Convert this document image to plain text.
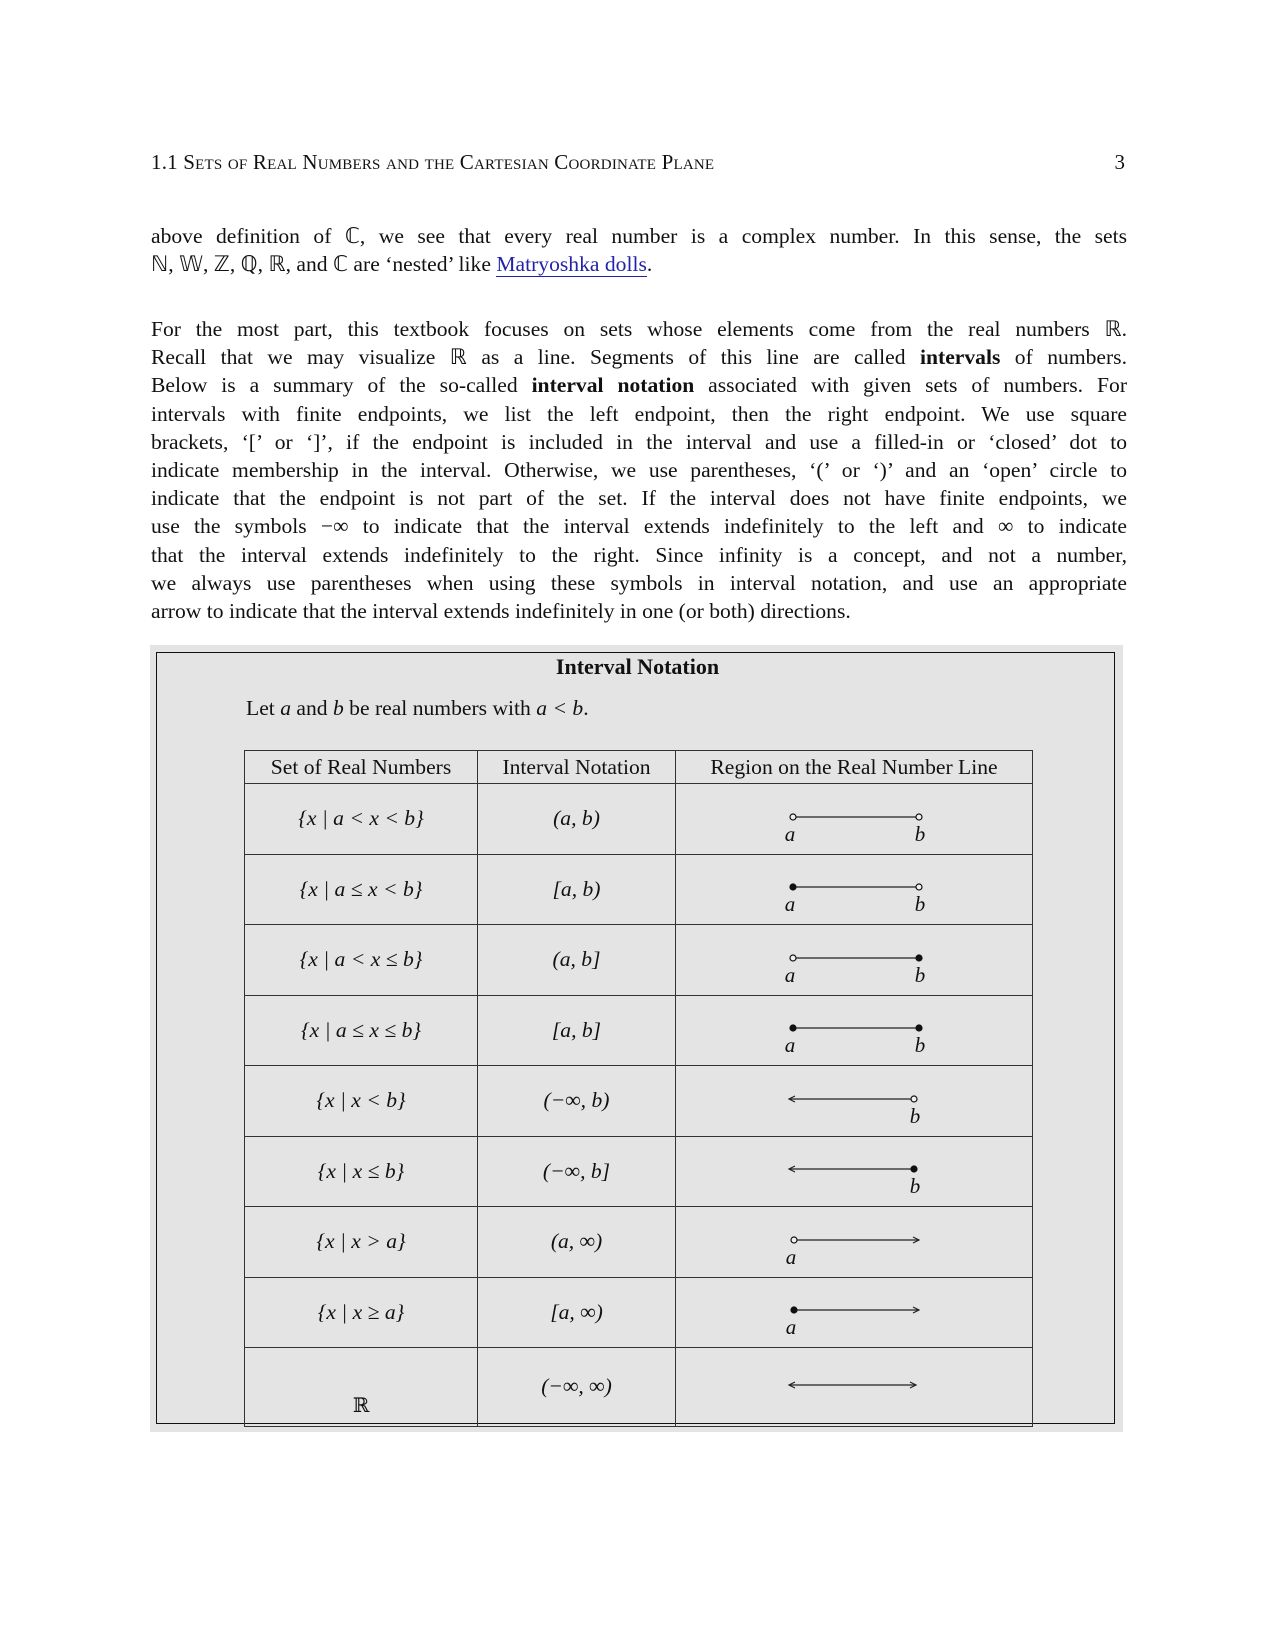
1.1 Sets of Real Numbers and the Cartesian Coordinate Plane	3
above definition of ℂ, we see that every real number is a complex number. In this sense, the sets
ℕ, 𝕎, ℤ, ℚ, ℝ, and ℂ are ‘nested’ like Matryoshka dolls.
For the most part, this textbook focuses on sets whose elements come from the real numbers ℝ.
Recall that we may visualize ℝ as a line. Segments of this line are called intervals of numbers.
Below is a summary of the so-called interval notation associated with given sets of numbers. For
intervals with finite endpoints, we list the left endpoint, then the right endpoint. We use square
brackets, ‘[’ or ‘]’, if the endpoint is included in the interval and use a filled-in or ‘closed’ dot to
indicate membership in the interval. Otherwise, we use parentheses, ‘(’ or ‘)’ and an ‘open’ circle to
indicate that the endpoint is not part of the set. If the interval does not have finite endpoints, we
use the symbols −∞ to indicate that the interval extends indefinitely to the left and ∞ to indicate
that the interval extends indefinitely to the right. Since infinity is a concept, and not a number,
we always use parentheses when using these symbols in interval notation, and use an appropriate
arrow to indicate that the interval extends indefinitely in one (or both) directions.
Interval Notation
Let a and b be real numbers with a < b.
Set of Real Numbers	Interval Notation	Region on the Real Number Line
{x | a < x < b}	(a, b)	a b

{x | a ≤ x < b}	[a, b)	a b

{x | a < x ≤ b}	(a, b]	a b

{x | a ≤ x ≤ b}	[a, b]	a b

{x | x < b}	(−∞, b)	b

{x | x ≤ b}	(−∞, b]	b

{x | x > a}	(a, ∞)	a

{x | x ≥ a}	[a, ∞)	a

ℝ	(−∞, ∞)	
